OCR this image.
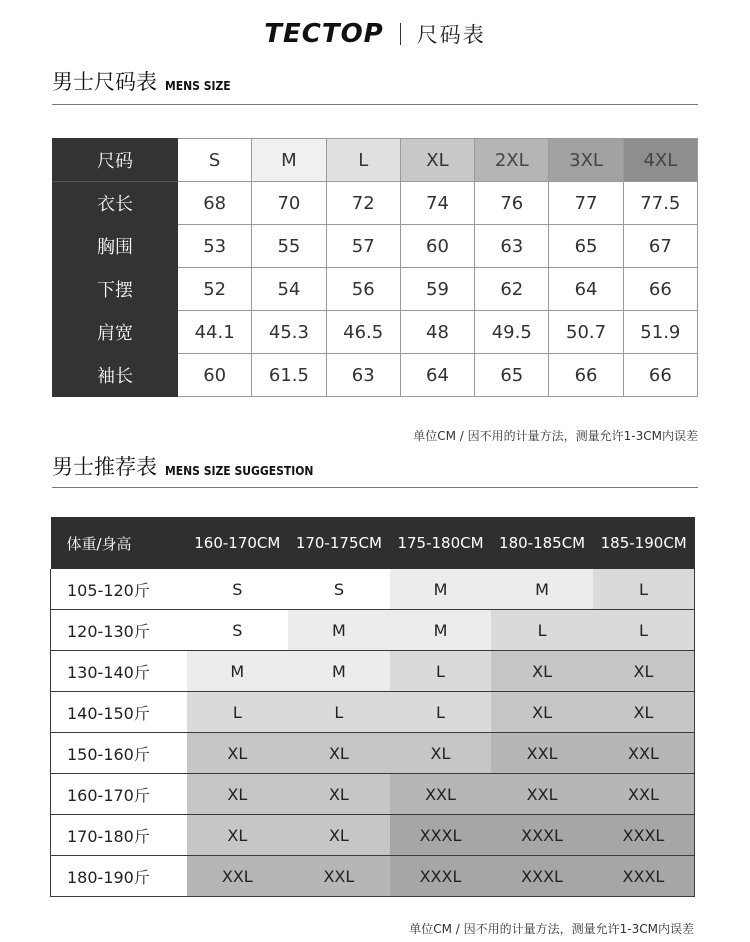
TECTOP 尺码表
男士尺码表 MENS SIZE
尺码	S	M	L	XL	2XL	3XL	4XL
衣长	68	70	72	74	76	77	77.5
胸围	53	55	57	60	63	65	67
下摆	52	54	56	59	62	64	66
肩宽	44.1	45.3	46.5	48	49.5	50.7	51.9
袖长	60	61.5	63	64	65	66	66
单位CM / 因不用的计量方法，测量允许1-3CM内误差
男士推荐表 MENS SIZE SUGGESTION
体重/身高	160-170CM	170-175CM	175-180CM	180-185CM	185-190CM
105-120斤	S	S	M	M	L
120-130斤	S	M	M	L	L
130-140斤	M	M	L	XL	XL
140-150斤	L	L	L	XL	XL
150-160斤	XL	XL	XL	XXL	XXL
160-170斤	XL	XL	XXL	XXL	XXL
170-180斤	XL	XL	XXXL	XXXL	XXXL
180-190斤	XXL	XXL	XXXL	XXXL	XXXL
单位CM / 因不用的计量方法，测量允许1-3CM内误差
